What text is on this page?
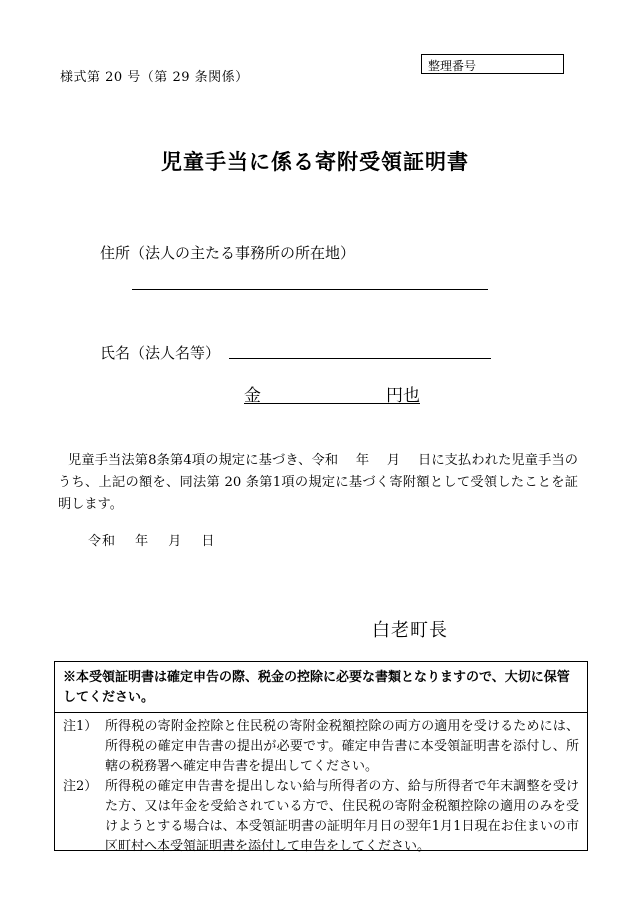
様式第 20 号（第 29 条関係）
整理番号
児童手当に係る寄附受領証明書
住所（法人の主たる事務所の所在地）
氏名（法人名等）
金	円也
児童手当法第8条第4項の規定に基づき、令和　 年　 月　 日に支払われた児童手当のうち、上記の額を、同法第 20 条第1項の規定に基づく寄附額として受領したことを証明します。
令和　 年　 月　 日
白老町長
※本受領証明書は確定申告の際、税金の控除に必要な書類となりますので、大切に保管してください。
注1） 所得税の寄附金控除と住民税の寄附金税額控除の両方の適用を受けるためには、所得税の確定申告書の提出が必要です。確定申告書に本受領証明書を添付し、所轄の税務署へ確定申告書を提出してください。
注2） 所得税の確定申告書を提出しない給与所得者の方、給与所得者で年末調整を受けた方、又は年金を受給されている方で、住民税の寄附金税額控除の適用のみを受けようとする場合は、本受領証明書の証明年月日の翌年1月1日現在お住まいの市区町村へ本受領証明書を添付して申告をしてください。
